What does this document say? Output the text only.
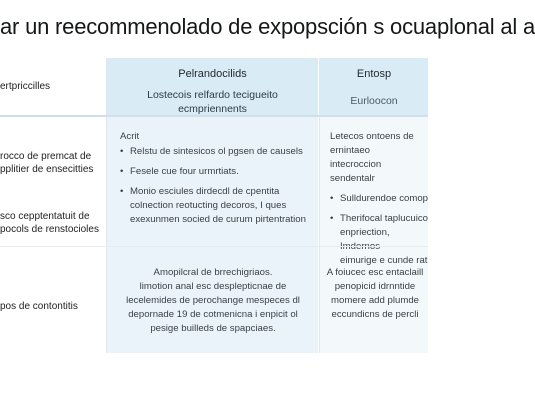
ar un reecommenolado de expopsción s ocuaplonal al a
ertpriccilles
Pelrandocilids
Lostecois relfardo tecigueito
ecmpriennents
Entosp
Eurloocon
rocco de premcat de
pplitier de ensecitties
Acrit
• Relstu de sintesicos ol pgsen de causels
• Fesele cue four urmrtiats.
• Monio esciules dirdecdl de cpentita
colnection reotucting decoros, I ques
exexunmen socied de curum pirtentration
Letecos ontoens de ernintaeo
intecroccion sendentalr
• Sulldurendoe comop
• Therifocal taplucuico
enpriection,
eimurige e cunde rat
sco cepptentatuit de
pocols de renstocioles
pos de contontitis
Amopilcral de brrechigriaos.
limotion anal esc desplepticnae de
lecelemides de perochange mespeces dl
depornade 19 de cotmenicna i enpicit ol
pesige builleds de spapciaes.
A foiucec esc entaclaill
penopicid idrnntide
momere add plumde
eccundicns de percli
